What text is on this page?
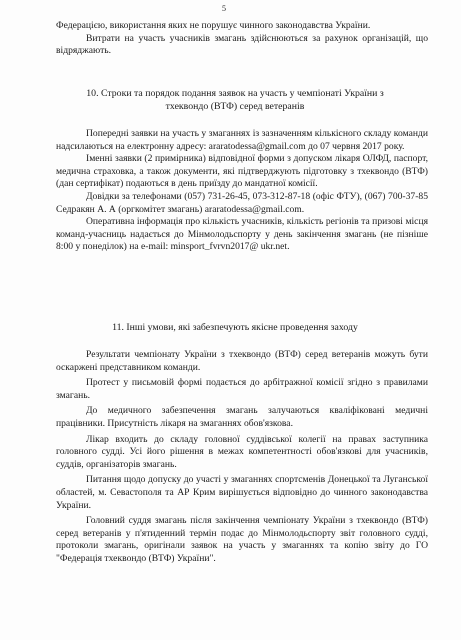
5

Федерацією, використання яких не порушує чинного законодавства України.

Витрати на участь учасників змагань здійснюються за рахунок організацій, що відряджають.

10. Строки та порядок подання заявок на участь у чемпіонаті України з тхеквондо (ВТФ) серед ветеранів

Попередні заявки на участь у змаганнях із зазначенням кількісного складу команди надсилаються на електронну адресу: araratodessa@gmail.com до 07 червня 2017 року.

Іменні заявки (2 примірника) відповідної форми з допуском лікаря ОЛФД, паспорт, медична страховка, а також документи, які підтверджують підготовку з тхеквондо (ВТФ) (дан сертифікат) подаються в день приїзду до мандатної комісії.

Довідки за телефонами (057) 731-26-45, 073-312-87-18 (офіс ФТУ), (067) 700-37-85 Седракян А. А (оргкомітет змагань) araratodessa@gmail.com.

Оперативна інформація про кількість учасників, кількість регіонів та призові місця команд-учасниць надається до Мінмолодьспорту у день закінчення змагань (не пізніше 8:00 у понеділок) на e-mail: minsport_fvrvn2017@ ukr.net.

11. Інші умови, які забезпечують якісне проведення заходу

Результати чемпіонату України з тхеквондо (ВТФ) серед ветеранів можуть бути оскаржені представником команди.

Протест у письмовій формі подається до арбітражної комісії згідно з правилами змагань.

До медичного забезпечення змагань залучаються кваліфіковані медичні працівники. Присутність лікаря на змаганнях обов'язкова.

Лікар входить до складу головної суддівської колегії на правах заступника головного судді. Усі його рішення в межах компетентності обов'язкові для учасників, суддів, організаторів змагань.

Питання щодо допуску до участі у змаганнях спортсменів Донецької та Луганської областей, м. Севастополя та АР Крим вирішується відповідно до чинного законодавства України.

Головний суддя змагань після закінчення чемпіонату України з тхеквондо (ВТФ) серед ветеранів у п'ятиденний термін подає до Мінмолодьспорту звіт головного судді, протоколи змагань, оригінали заявок на участь у змаганнях та копію звіту до ГО "Федерація тхеквондо (ВТФ) України".
